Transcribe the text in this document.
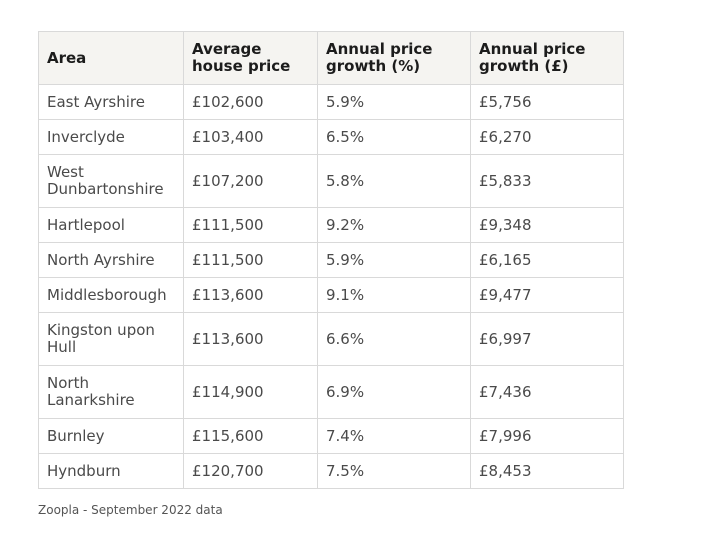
Area	Average house price	Annual price growth (%)	Annual price growth (£)
East Ayrshire	£102,600	5.9%	£5,756
Inverclyde	£103,400	6.5%	£6,270
West Dunbartonshire	£107,200	5.8%	£5,833
Hartlepool	£111,500	9.2%	£9,348
North Ayrshire	£111,500	5.9%	£6,165
Middlesborough	£113,600	9.1%	£9,477
Kingston upon Hull	£113,600	6.6%	£6,997
North Lanarkshire	£114,900	6.9%	£7,436
Burnley	£115,600	7.4%	£7,996
Hyndburn	£120,700	7.5%	£8,453
Zoopla - September 2022 data
